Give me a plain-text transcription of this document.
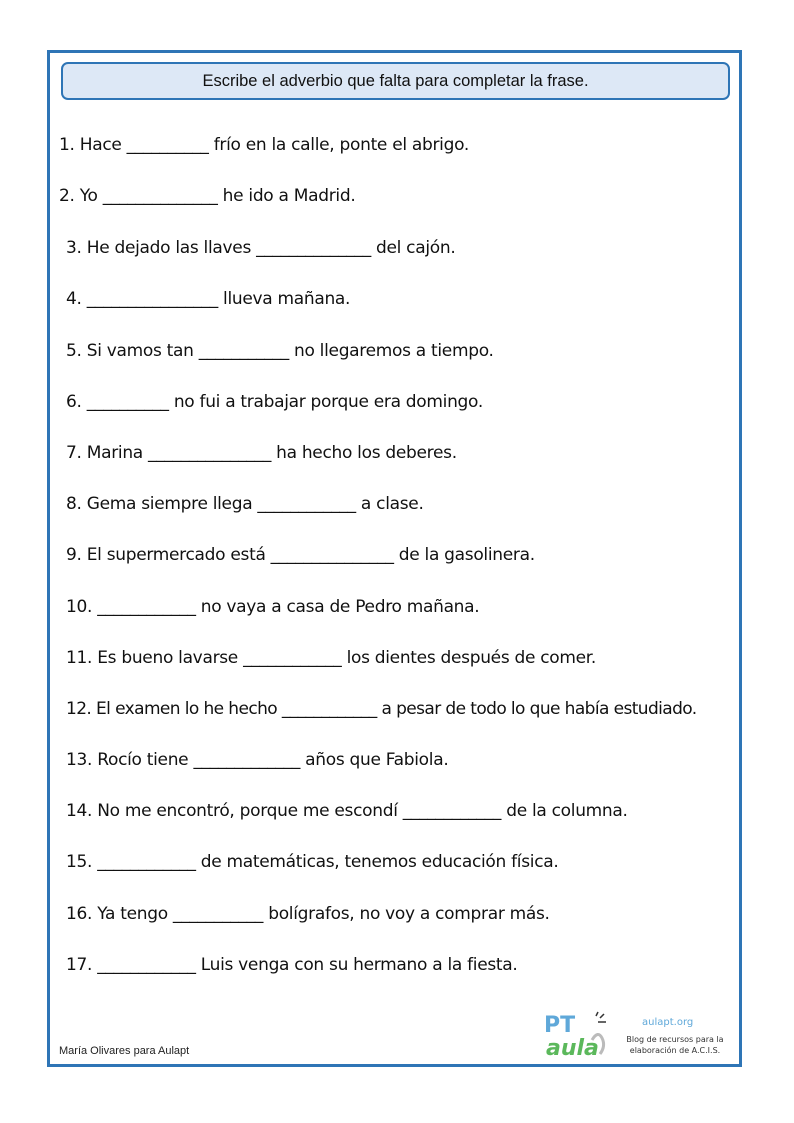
Escribe el adverbio que falta para completar la frase.
1. Hace __________ frío en la calle, ponte el abrigo.
2. Yo ______________ he ido a Madrid.
3. He dejado las llaves ______________ del cajón.
4. ________________ llueva mañana.
5. Si vamos tan ___________ no llegaremos a tiempo.
6. __________ no fui a trabajar porque era domingo.
7. Marina _______________ ha hecho los deberes.
8. Gema siempre llega ____________ a clase.
9. El supermercado está _______________ de la gasolinera.
10. ____________ no vaya a casa de Pedro mañana.
11. Es bueno lavarse ____________ los dientes después de comer.
12. El examen lo he hecho ____________ a pesar de todo lo que había estudiado.
13. Rocío tiene _____________ años que Fabiola.
14. No me encontró, porque me escondí ____________ de la columna.
15. ____________ de matemáticas, tenemos educación física.
16. Ya tengo ___________ bolígrafos, no voy a comprar más.
17. ____________ Luis venga con su hermano a la fiesta.
María Olivares para Aulapt
PT
aula
aulapt.org
Blog de recursos para la elaboración de A.C.I.S.
